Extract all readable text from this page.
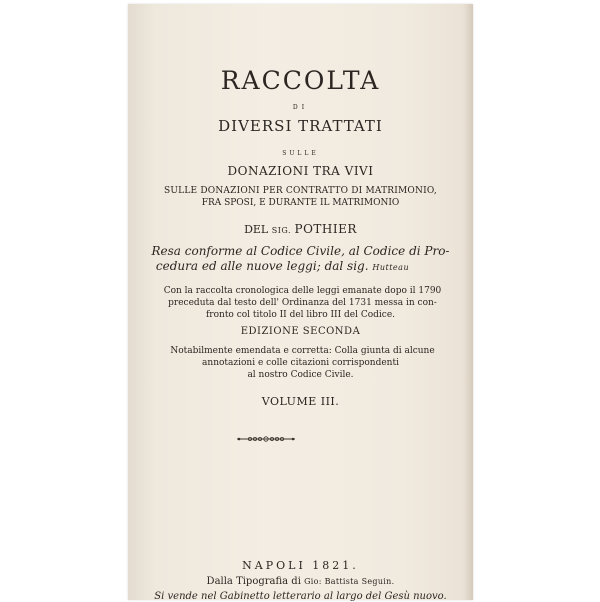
RACCOLTA
DI
DIVERSI TRATTATI
SULLE
DONAZIONI TRA VIVI
SULLE DONAZIONI PER CONTRATTO DI MATRIMONIO,
FRA SPOSI, E DURANTE IL MATRIMONIO
DEL SIG. POTHIER
Resa conforme al Codice Civile, al Codice di Pro-
cedura ed alle nuove leggi; dal sig. Hutteau
Con la raccolta cronologica delle leggi emanate dopo il 1790
preceduta dal testo dell' Ordinanza del 1731 messa in con-
fronto col titolo II del libro III del Codice.
EDIZIONE SECONDA
Notabilmente emendata e corretta: Colla giunta di alcune
annotazioni e colle citazioni corrispondenti
al nostro Codice Civile.
VOLUME III.
NAPOLI 1821.
Dalla Tipografia di Gio: Battista Seguin.
Si vende nel Gabinetto letterario al largo del Gesù nuovo.
